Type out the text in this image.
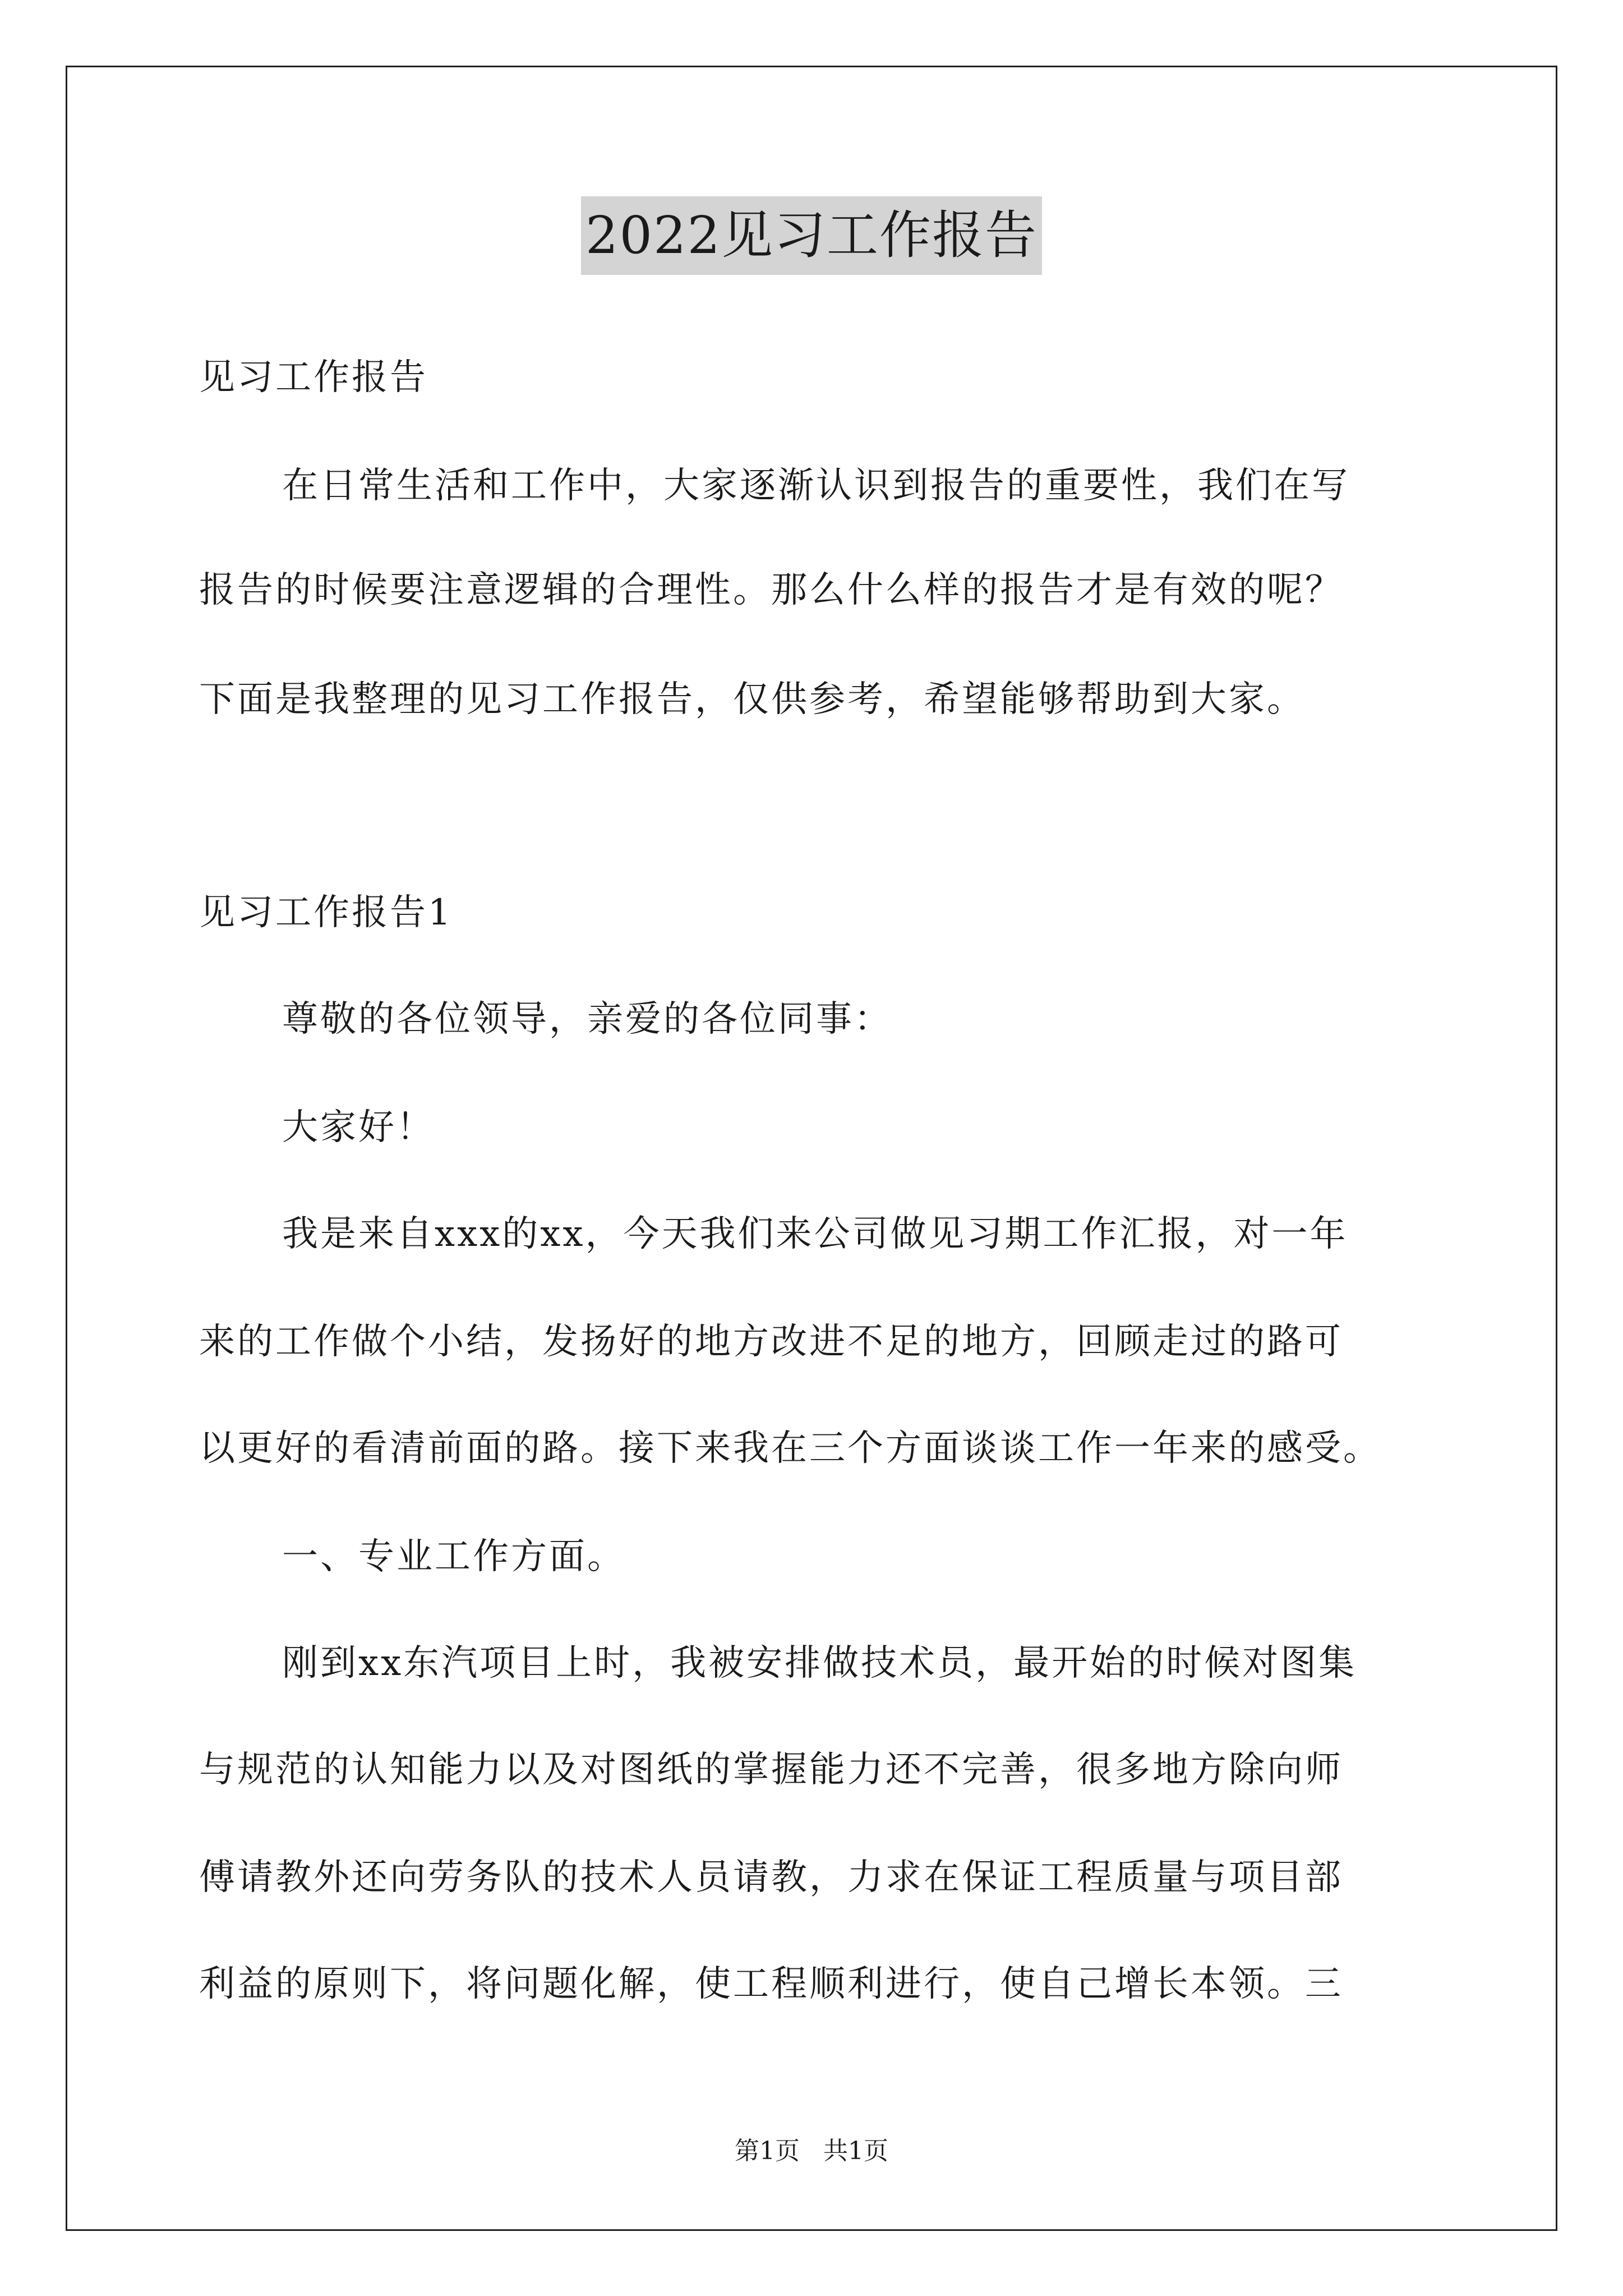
2022见习工作报告
见习工作报告
在日常生活和工作中，大家逐渐认识到报告的重要性，我们在写
报告的时候要注意逻辑的合理性。那么什么样的报告才是有效的呢？
下面是我整理的见习工作报告，仅供参考，希望能够帮助到大家。
见习工作报告1
尊敬的各位领导，亲爱的各位同事：
大家好！
我是来自xxx的xx，今天我们来公司做见习期工作汇报，对一年
来的工作做个小结，发扬好的地方改进不足的地方，回顾走过的路可
以更好的看清前面的路。接下来我在三个方面谈谈工作一年来的感受。
一、专业工作方面。
刚到xx东汽项目上时，我被安排做技术员，最开始的时候对图集
与规范的认知能力以及对图纸的掌握能力还不完善，很多地方除向师
傅请教外还向劳务队的技术人员请教，力求在保证工程质量与项目部
利益的原则下，将问题化解，使工程顺利进行，使自己增长本领。三
第1页   共1页
